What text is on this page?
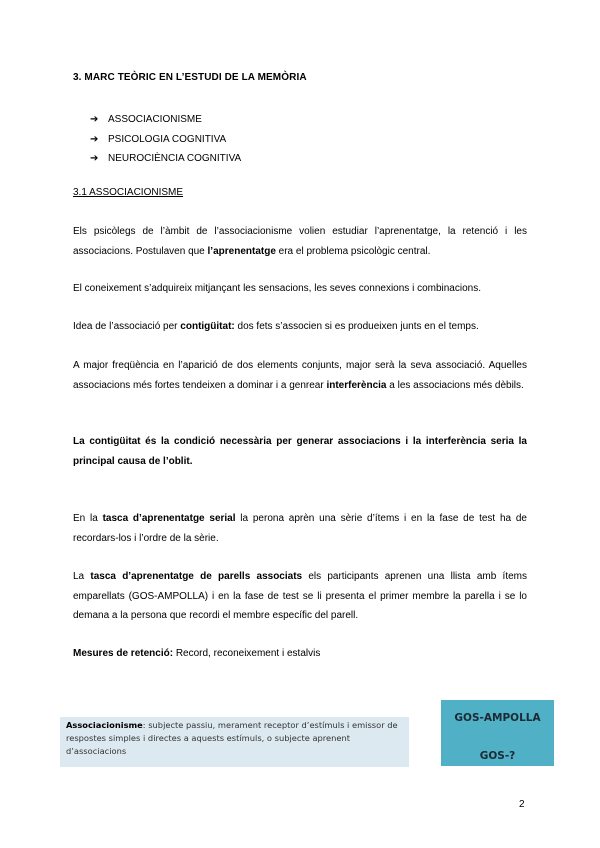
3. MARC TEÒRIC EN L’ESTUDI DE LA MEMÒRIA
➔ ASSOCIACIONISME
➔ PSICOLOGIA COGNITIVA
➔ NEUROCIÈNCIA COGNITIVA
3.1 ASSOCIACIONISME
Els psicòlegs de l’àmbit de l’associacionisme volien estudiar l’aprenentatge, la retenció i les associacions. Postulaven que l’aprenentatge era el problema psicològic central.
El coneixement s’adquireix mitjançant les sensacions, les seves connexions i combinacions.
Idea de l’associació per contigüitat: dos fets s’associen si es produeixen junts en el temps.
A major freqüència en l’aparició de dos elements conjunts, major serà la seva associació. Aquelles associacions més fortes tendeixen a dominar i a genrear interferència a les associacions més dèbils.
La contigüitat és la condició necessària per generar associacions i la interferència seria la principal causa de l’oblit.
En la tasca d’aprenentatge serial la perona aprèn una sèrie d’ítems i en la fase de test ha de recordars-los i l’ordre de la sèrie.
La tasca d’aprenentatge de parells associats els participants aprenen una llista amb ítems emparellats (GOS-AMPOLLA) i en la fase de test se li presenta el primer membre la parella i se lo demana a la persona que recordi el membre específic del parell.
Mesures de retenció: Record, reconeixement i estalvis
Associacionisme: subjecte passiu, merament receptor d’estímuls i emissor de respostes simples i directes a aquests estímuls, o subjecte aprenent d’associacions
GOS-AMPOLLA
GOS-?
2
